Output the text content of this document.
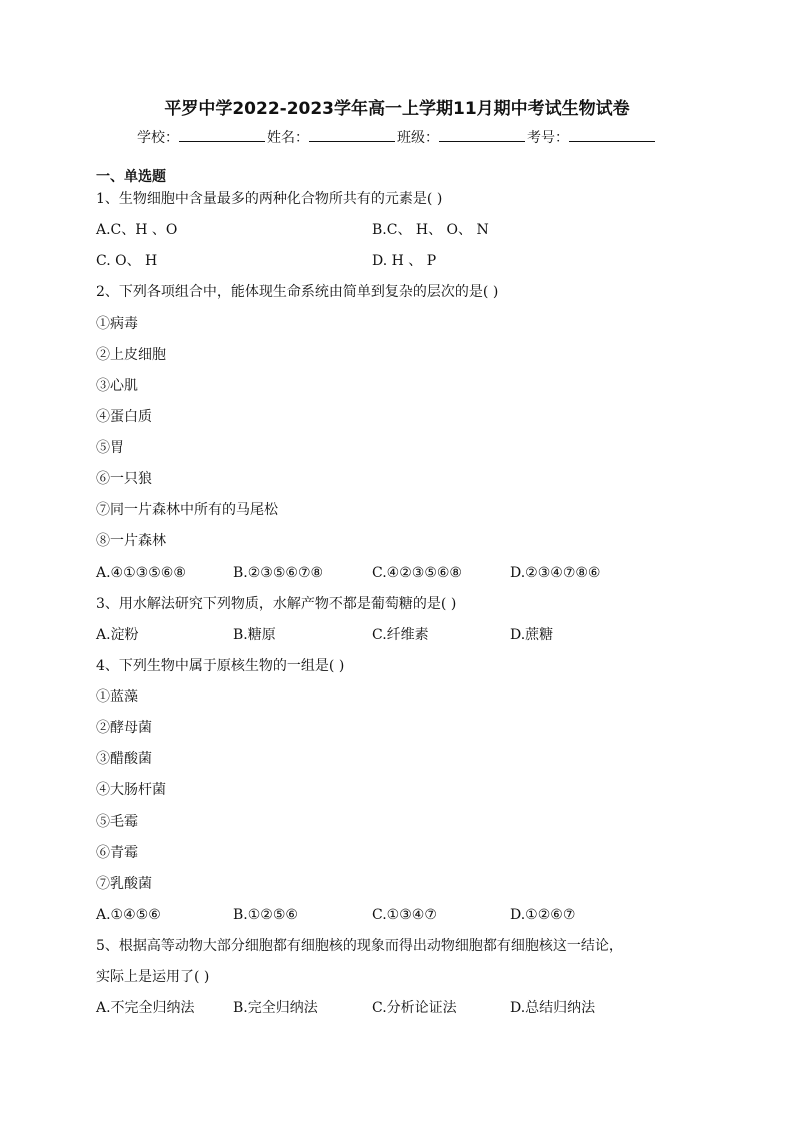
平罗中学2022-2023学年高一上学期11月期中考试生物试卷
学校：	姓名：	班级：	考号：
一、单选题
1、生物细胞中含量最多的两种化合物所共有的元素是( )
A.C、H 、O	B.C、 H、 O、 N
C. O、 H	D. H 、 P
2、下列各项组合中，能体现生命系统由简单到复杂的层次的是( )
①病毒
②上皮细胞
③心肌
④蛋白质
⑤胃
⑥一只狼
⑦同一片森林中所有的马尾松
⑧一片森林
A.④①③⑤⑥⑧	B.②③⑤⑥⑦⑧	C.④②③⑤⑥⑧	D.②③④⑦⑧⑥
3、用水解法研究下列物质，水解产物不都是葡萄糖的是( )
A.淀粉	B.糖原	C.纤维素	D.蔗糖
4、下列生物中属于原核生物的一组是( )
①蓝藻
②酵母菌
③醋酸菌
④大肠杆菌
⑤毛霉
⑥青霉
⑦乳酸菌
A.①④⑤⑥	B.①②⑤⑥	C.①③④⑦	D.①②⑥⑦
5、根据高等动物大部分细胞都有细胞核的现象而得出动物细胞都有细胞核这一结论，
实际上是运用了( )
A.不完全归纳法	B.完全归纳法	C.分析论证法	D.总结归纳法
